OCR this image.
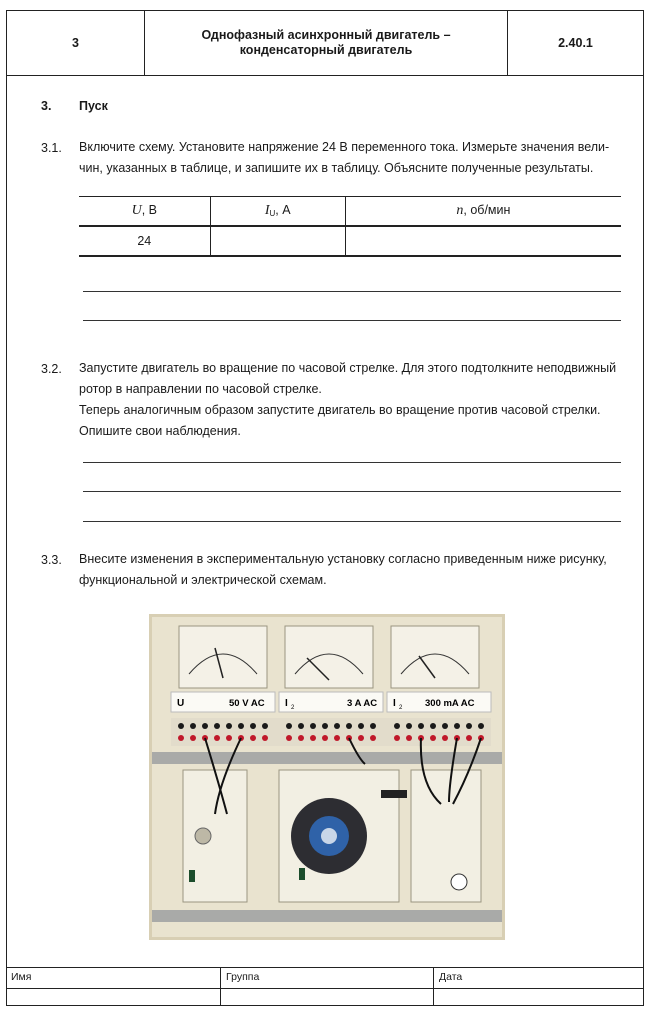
3
Однофазный асинхронный двигатель –
конденсаторный двигатель
2.40.1
3. Пуск
3.1. Включите схему. Установите напряжение 24 В переменного тока. Измерьте значения вели-
чин, указанных в таблице, и запишите их в таблицу. Объясните полученные результаты.
U, В	$I_U$, А	n, об/мин
24		
3.2. Запустите двигатель во вращение по часовой стрелке. Для этого подтолкните неподвижный
ротор в направлении по часовой стрелке.
Теперь аналогичным образом запустите двигатель во вращение против часовой стрелки.
Опишите свои наблюдения.
3.3. Внесите изменения в экспериментальную установку согласно приведенным ниже рисунку,
функциональной и электрической схемам.
U	50 V AC I 2	3 A AC I 2 300 mA AC
Имя	Группа	Дата
